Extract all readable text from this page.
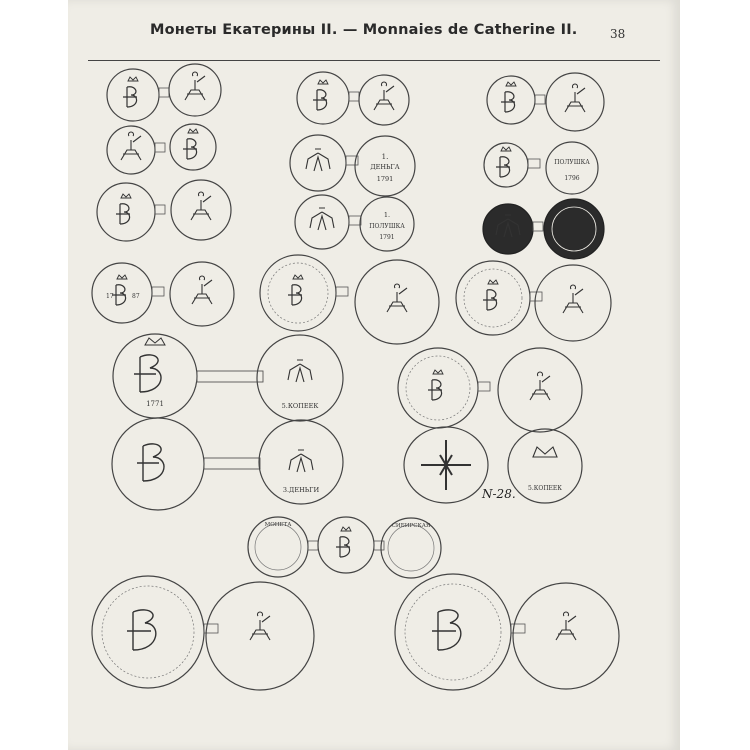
Монеты Екатерины II. — Monnaies de Catherine II.	38
1.
ДЕНЬГА
1791
ПОЛУШКА
1796
1.
ПОЛУШКА
1791
17	87
1771	5.КОПЕЕК
3.ДЕНЬГИ	5.КОПЕЕК
МОНЕТА	СИБИРСКАЯ
N-28.
